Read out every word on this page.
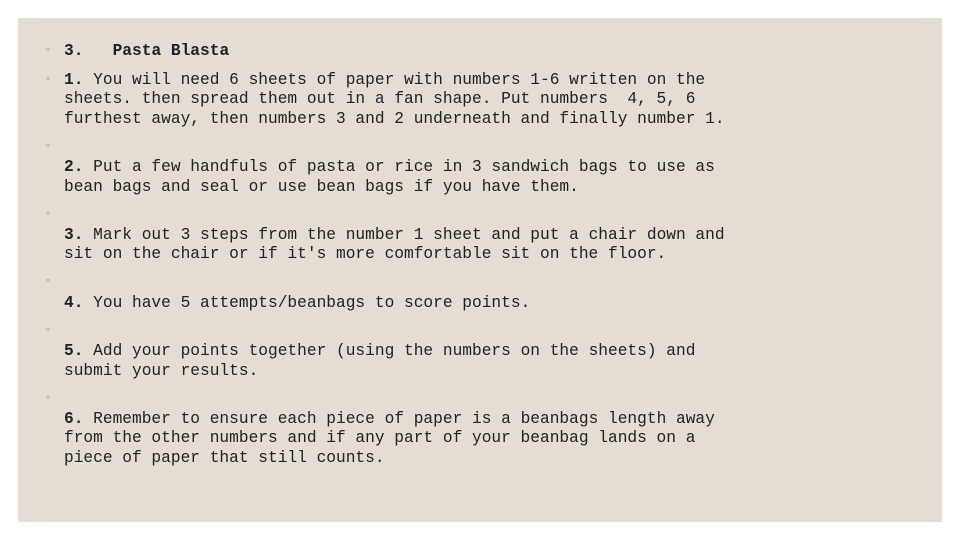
◦ 3. Pasta Blasta
◦ 1. You will need 6 sheets of paper with numbers 1-6 written on the
sheets. then spread them out in a fan shape. Put numbers  4, 5, 6
furthest away, then numbers 3 and 2 underneath and finally number 1.
◦
2. Put a few handfuls of pasta or rice in 3 sandwich bags to use as
bean bags and seal or use bean bags if you have them.
◦
3. Mark out 3 steps from the number 1 sheet and put a chair down and
sit on the chair or if it's more comfortable sit on the floor.
◦
4. You have 5 attempts/beanbags to score points.
◦
5. Add your points together (using the numbers on the sheets) and
submit your results.
◦
6. Remember to ensure each piece of paper is a beanbags length away
from the other numbers and if any part of your beanbag lands on a
piece of paper that still counts.
